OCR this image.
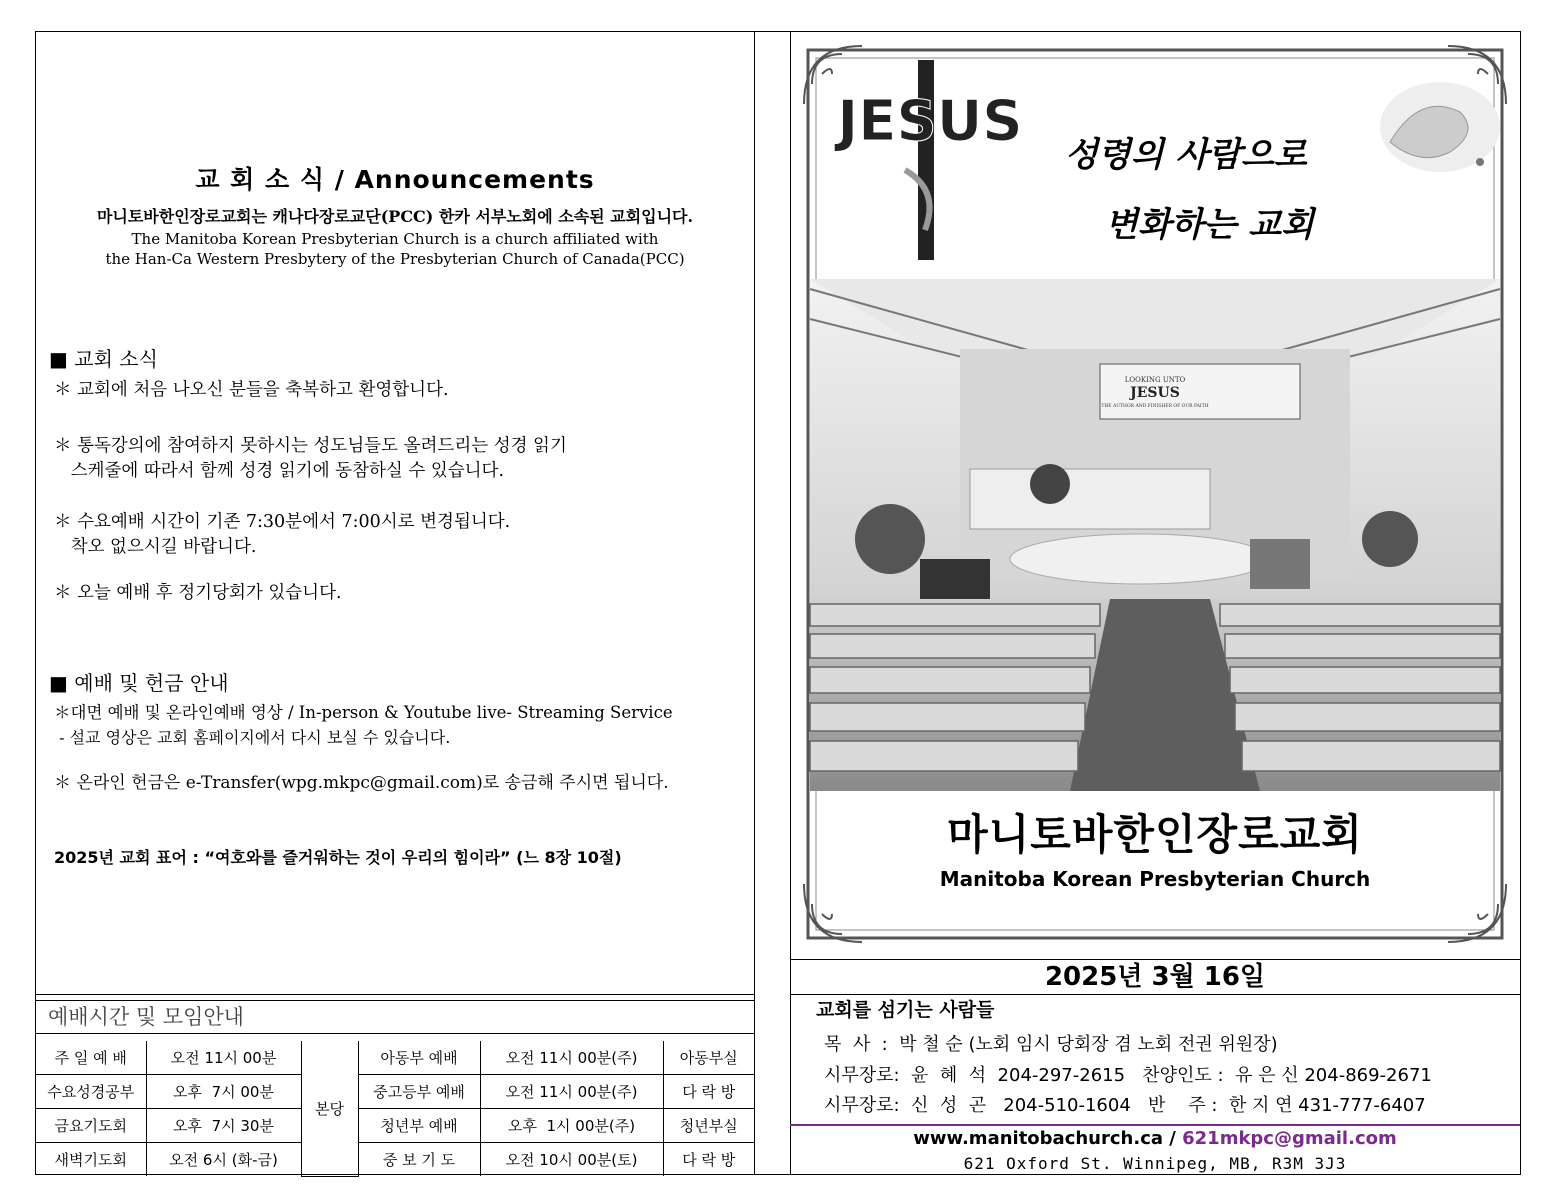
교 회 소 식 / Announcements
마니토바한인장로교회는 캐나다장로교단(PCC) 한카 서부노회에 소속된 교회입니다.
The Manitoba Korean Presbyterian Church is a church affiliated with
the Han-Ca Western Presbytery of the Presbyterian Church of Canada(PCC)
■ 교회 소식
＊ 교회에 처음 나오신 분들을 축복하고 환영합니다.
＊ 통독강의에 참여하지 못하시는 성도님들도 올려드리는 성경 읽기
스케줄에 따라서 함께 성경 읽기에 동참하실 수 있습니다.
＊ 수요예배 시간이 기존 7:30분에서 7:00시로 변경됩니다.
착오 없으시길 바랍니다.
＊ 오늘 예배 후 정기당회가 있습니다.
■ 예배 및 헌금 안내
＊대면 예배 및 온라인예배 영상 / In-person & Youtube live- Streaming Service
- 설교 영상은 교회 홈페이지에서 다시 보실 수 있습니다.
＊ 온라인 헌금은 e-Transfer(wpg.mkpc@gmail.com)로 송금해 주시면 됩니다.
2025년 교회 표어 : “여호와를 즐거워하는 것이 우리의 힘이라” (느 8장 10절)
예배시간 및 모임안내
주 일 예 배	오전 11시 00분	본당	아동부 예배	오전 11시 00분(주)	아동부실
수요성경공부	오후  7시 00분		중고등부 예배	오전 11시 00분(주)	다 락 방
금요기도회	오후  7시 30분		청년부 예배	오후  1시 00분(주)	청년부실
새벽기도회	오전 6시 (화-금)		중 보 기 도	오전 10시 00분(토)	다 락 방
JESUS
성령의 사람으로
변화하는 교회
LOOKING UNTO
JESUS
THE AUTHOR AND FINISHER OF OUR FAITH
마니토바한인장로교회
Manitoba Korean Presbyterian Church
2025년 3월 16일
교회를 섬기는 사람들
목  사  :  박 철 순 (노회 임시 당회장 겸 노회 전권 위원장)
시무장로:  윤  혜  석  204-297-2615   찬양인도 :  유 은 신 204-869-2671
시무장로:  신  성  곤   204-510-1604   반    주 :  한 지 연 431-777-6407
www.manitobachurch.ca / 621mkpc@gmail.com
621 Oxford St. Winnipeg, MB, R3M 3J3
